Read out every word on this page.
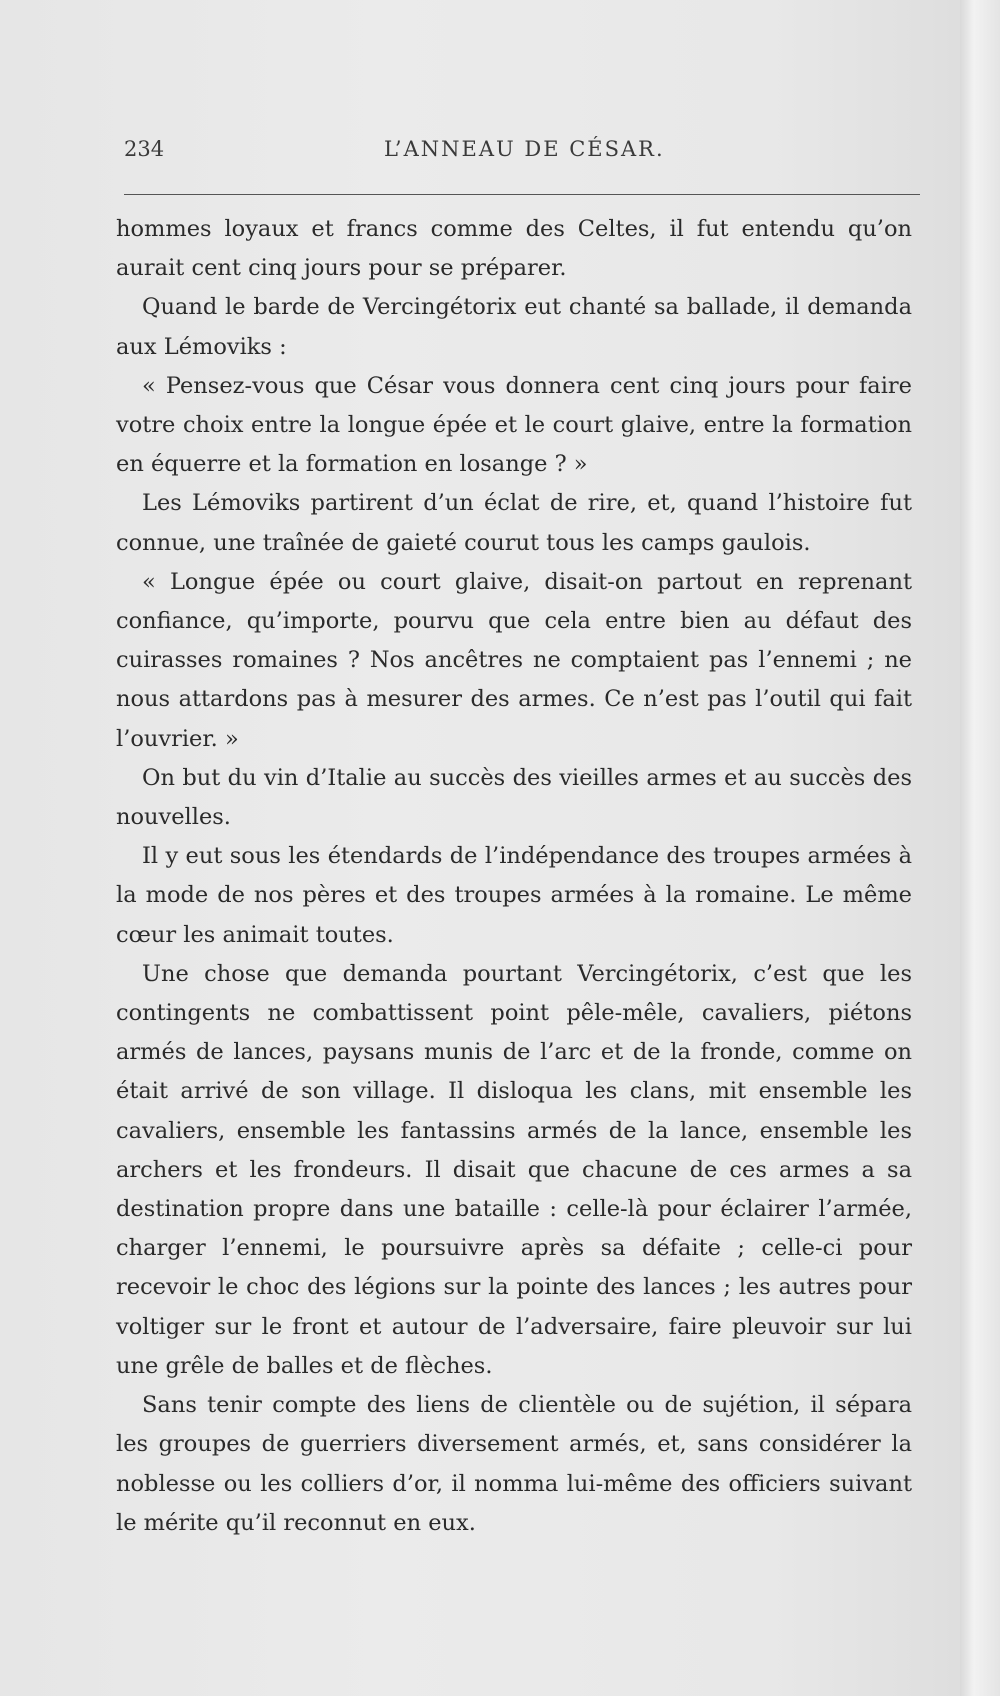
234	L’ANNEAU DE CÉSAR.

hommes loyaux et francs comme des Celtes, il fut entendu qu’on aurait cent cinq jours pour se préparer.

Quand le barde de Vercingétorix eut chanté sa ballade, il demanda aux Lémoviks :

« Pensez-vous que César vous donnera cent cinq jours pour faire votre choix entre la longue épée et le court glaive, entre la formation en équerre et la formation en losange ? »

Les Lémoviks partirent d’un éclat de rire, et, quand l’histoire fut connue, une traînée de gaieté courut tous les camps gaulois.

« Longue épée ou court glaive, disait-on partout en reprenant confiance, qu’importe, pourvu que cela entre bien au défaut des cuirasses romaines ? Nos ancêtres ne comptaient pas l’ennemi ; ne nous attardons pas à mesurer des armes. Ce n’est pas l’outil qui fait l’ouvrier. »

On but du vin d’Italie au succès des vieilles armes et au succès des nouvelles.

Il y eut sous les étendards de l’indépendance des troupes armées à la mode de nos pères et des troupes armées à la romaine. Le même cœur les animait toutes.

Une chose que demanda pourtant Vercingétorix, c’est que les contingents ne combattissent point pêle-mêle, cavaliers, piétons armés de lances, paysans munis de l’arc et de la fronde, comme on était arrivé de son village. Il disloqua les clans, mit ensemble les cavaliers, ensemble les fantassins armés de la lance, ensemble les archers et les frondeurs. Il disait que chacune de ces armes a sa destination propre dans une bataille : celle-là pour éclairer l’armée, charger l’ennemi, le poursuivre après sa défaite ; celle-ci pour recevoir le choc des légions sur la pointe des lances ; les autres pour voltiger sur le front et autour de l’adversaire, faire pleuvoir sur lui une grêle de balles et de flèches.

Sans tenir compte des liens de clientèle ou de sujétion, il sépara les groupes de guerriers diversement armés, et, sans considérer la noblesse ou les colliers d’or, il nomma lui-même des officiers suivant le mérite qu’il reconnut en eux.
